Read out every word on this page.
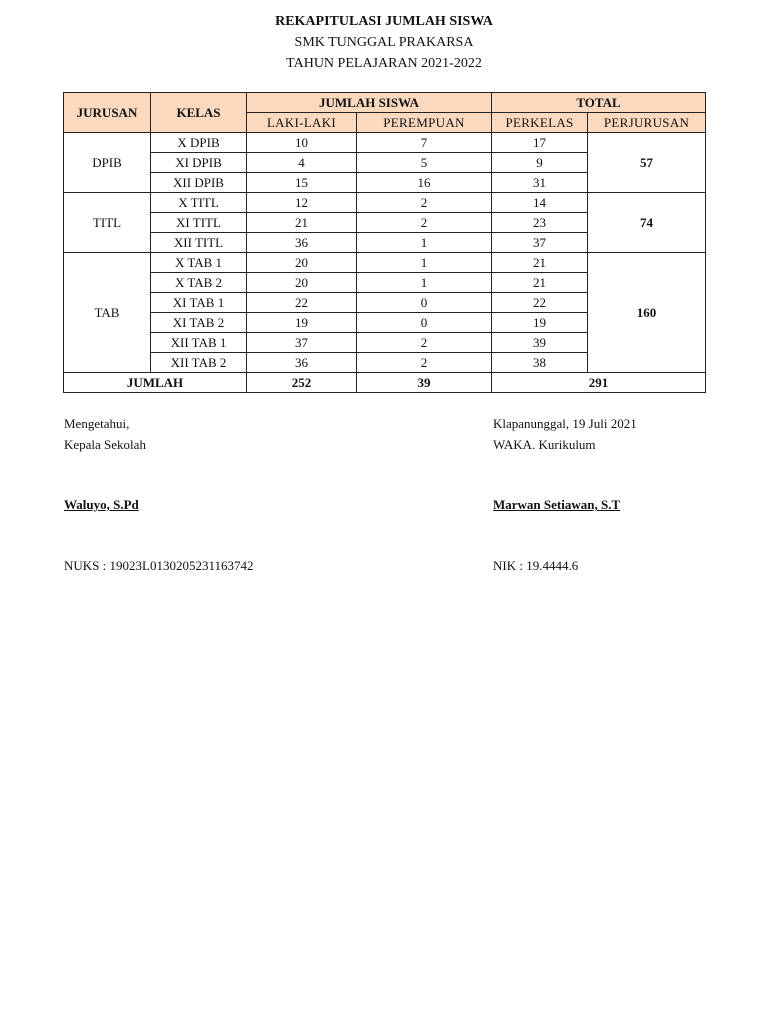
REKAPITULASI JUMLAH SISWA
SMK TUNGGAL PRAKARSA
TAHUN PELAJARAN 2021-2022
JURUSAN	KELAS	JUMLAH SISWA		TOTAL	
		LAKI-LAKI	PEREMPUAN	PERKELAS	PERJURUSAN
DPIB	X DPIB	10	7	17	57
	XI DPIB	4	5	9	
	XII DPIB	15	16	31	
TITL	X TITL	12	2	14	74
	XI TITL	21	2	23	
	XII TITL	36	1	37	
TAB	X TAB 1	20	1	21	160
	X TAB 2	20	1	21	
	XI TAB 1	22	0	22	
	XI TAB 2	19	0	19	
	XII TAB 1	37	2	39	
	XII TAB 2	36	2	38	
JUMLAH		252	39	291	
Mengetahui,
Kepala Sekolah
Waluyo, S.Pd
NUKS : 19023L0130205231163742
Klapanunggal, 19 Juli 2021
WAKA. Kurikulum
Marwan Setiawan, S.T
NIK : 19.4444.6
